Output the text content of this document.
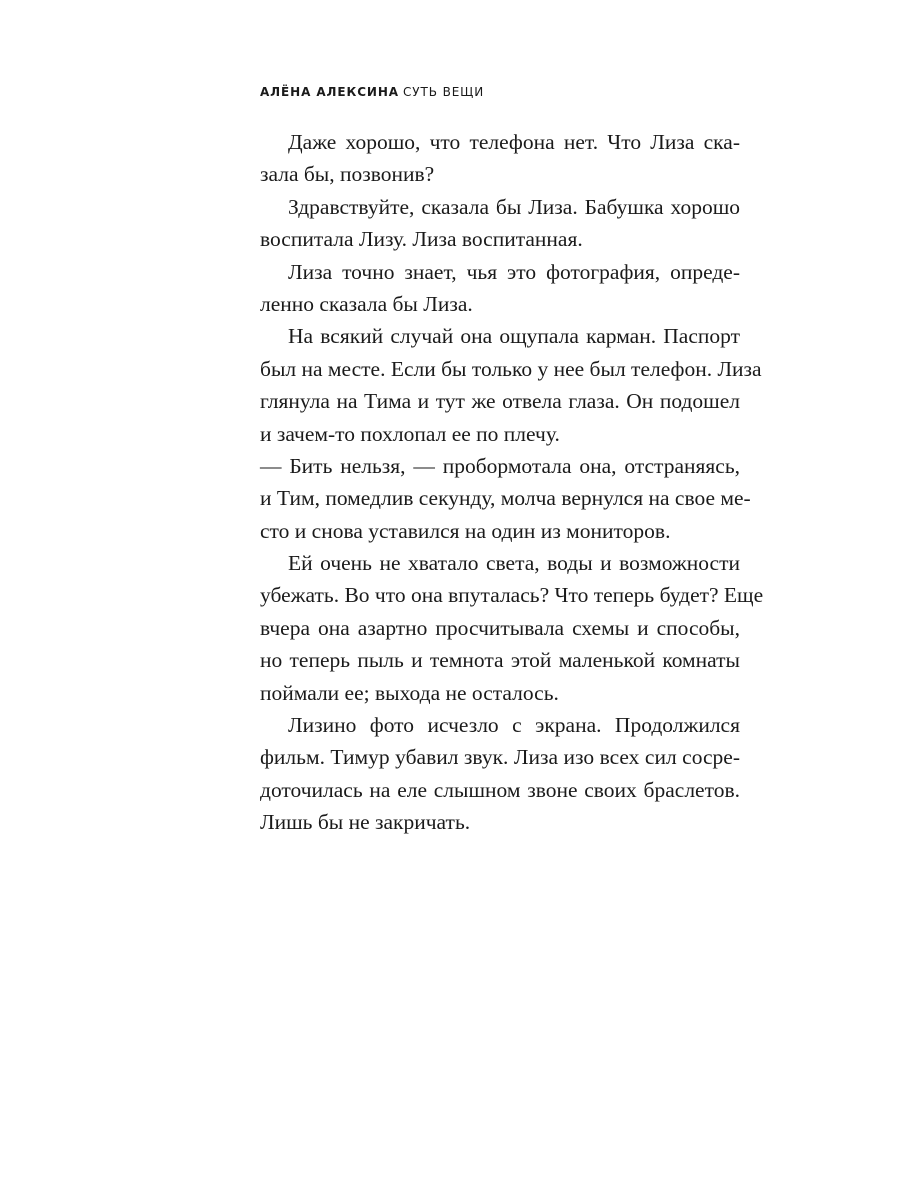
АЛЁНА АЛЕКСИНА СУТЬ ВЕЩИ
Даже хорошо, что телефона нет. Что Лиза ска-
зала бы, позвонив?
Здравствуйте, сказала бы Лиза. Бабушка хорошо
воспитала Лизу. Лиза воспитанная.
Лиза точно знает, чья это фотография, опреде-
ленно сказала бы Лиза.
На всякий случай она ощупала карман. Паспорт
был на месте. Если бы только у нее был телефон. Лиза
глянула на Тима и тут же отвела глаза. Он подошел
и зачем-то похлопал ее по плечу.
— Бить нельзя, — пробормотала она, отстраняясь,
и Тим, помедлив секунду, молча вернулся на свое ме-
сто и снова уставился на один из мониторов.
Ей очень не хватало света, воды и возможности
убежать. Во что она впуталась? Что теперь будет? Еще
вчера она азартно просчитывала схемы и способы,
но теперь пыль и темнота этой маленькой комнаты
поймали ее; выхода не осталось.
Лизино фото исчезло с экрана. Продолжился
фильм. Тимур убавил звук. Лиза изо всех сил сосре-
доточилась на еле слышном звоне своих браслетов.
Лишь бы не закричать.
